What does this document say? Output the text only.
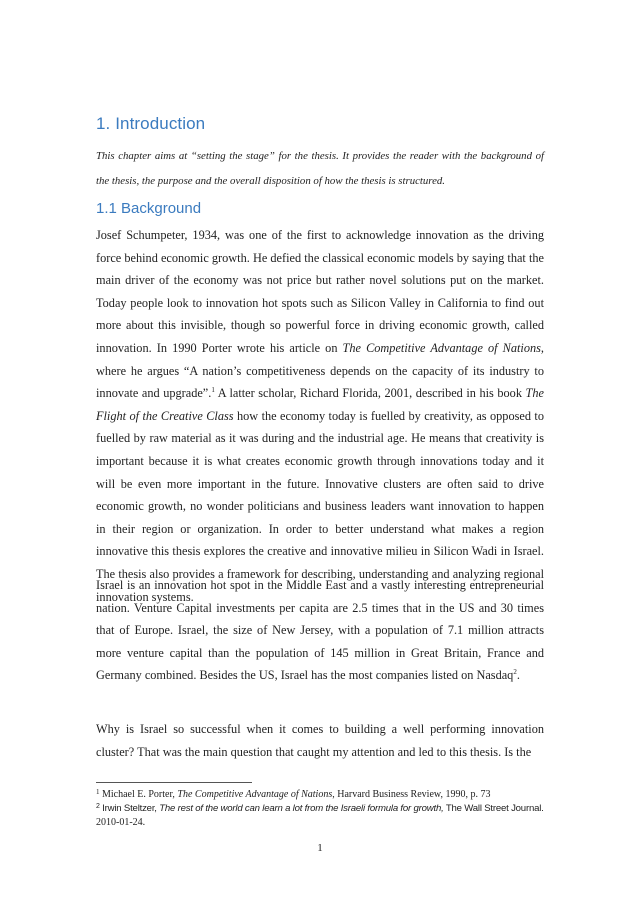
1. Introduction

This chapter aims at “setting the stage” for the thesis. It provides the reader with the background of the thesis, the purpose and the overall disposition of how the thesis is structured.

1.1 Background

Josef Schumpeter, 1934, was one of the first to acknowledge innovation as the driving force behind economic growth. He defied the classical economic models by saying that the main driver of the economy was not price but rather novel solutions put on the market. Today people look to innovation hot spots such as Silicon Valley in California to find out more about this invisible, though so powerful force in driving economic growth, called innovation. In 1990 Porter wrote his article on The Competitive Advantage of Nations, where he argues “A nation’s competitiveness depends on the capacity of its industry to innovate and upgrade”.$^1$ A latter scholar, Richard Florida, 2001, described in his book The Flight of the Creative Class how the economy today is fuelled by creativity, as opposed to fuelled by raw material as it was during and the industrial age. He means that creativity is important because it is what creates economic growth through innovations today and it will be even more important in the future. Innovative clusters are often said to drive economic growth, no wonder politicians and business leaders want innovation to happen in their region or organization. In order to better understand what makes a region innovative this thesis explores the creative and innovative milieu in Silicon Wadi in Israel. The thesis also provides a framework for describing, understanding and analyzing regional innovation systems.

Israel is an innovation hot spot in the Middle East and a vastly interesting entrepreneurial nation. Venture Capital investments per capita are 2.5 times that in the US and 30 times that of Europe. Israel, the size of New Jersey, with a population of 7.1 million attracts more venture capital than the population of 145 million in Great Britain, France and Germany combined. Besides the US, Israel has the most companies listed on Nasdaq$^2$.

Why is Israel so successful when it comes to building a well performing innovation cluster? That was the main question that caught my attention and led to this thesis. Is the

$^1$ Michael E. Porter, The Competitive Advantage of Nations, Harvard Business Review, 1990, p. 73

$^2$ Irwin Steltzer, The rest of the world can learn a lot from the Israeli formula for growth, The Wall Street Journal.

2010-01-24.

1
